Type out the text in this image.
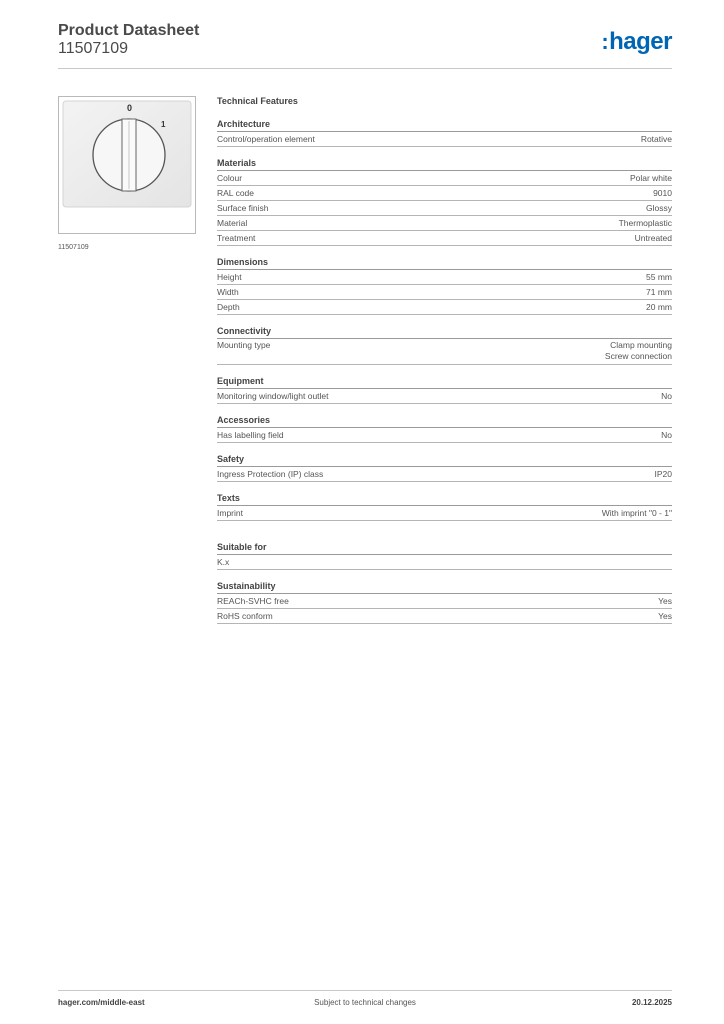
Product Datasheet
11507109	:hager
0
1
11507109
Technical Features
Architecture
Control/operation element	Rotative
Materials
Colour	Polar white
RAL code	9010
Surface finish	Glossy
Material	Thermoplastic
Treatment	Untreated
Dimensions
Height	55 mm
Width	71 mm
Depth	20 mm
Connectivity
Mounting type	Clamp mounting
Screw connection
Equipment
Monitoring window/light outlet	No
Accessories
Has labelling field	No
Safety
Ingress Protection (IP) class	IP20
Texts
Imprint	With imprint "0 - 1"
Suitable for
K.x
Sustainability
REACh-SVHC free	Yes
RoHS conform	Yes
hager.com/middle-east	Subject to technical changes	20.12.2025
